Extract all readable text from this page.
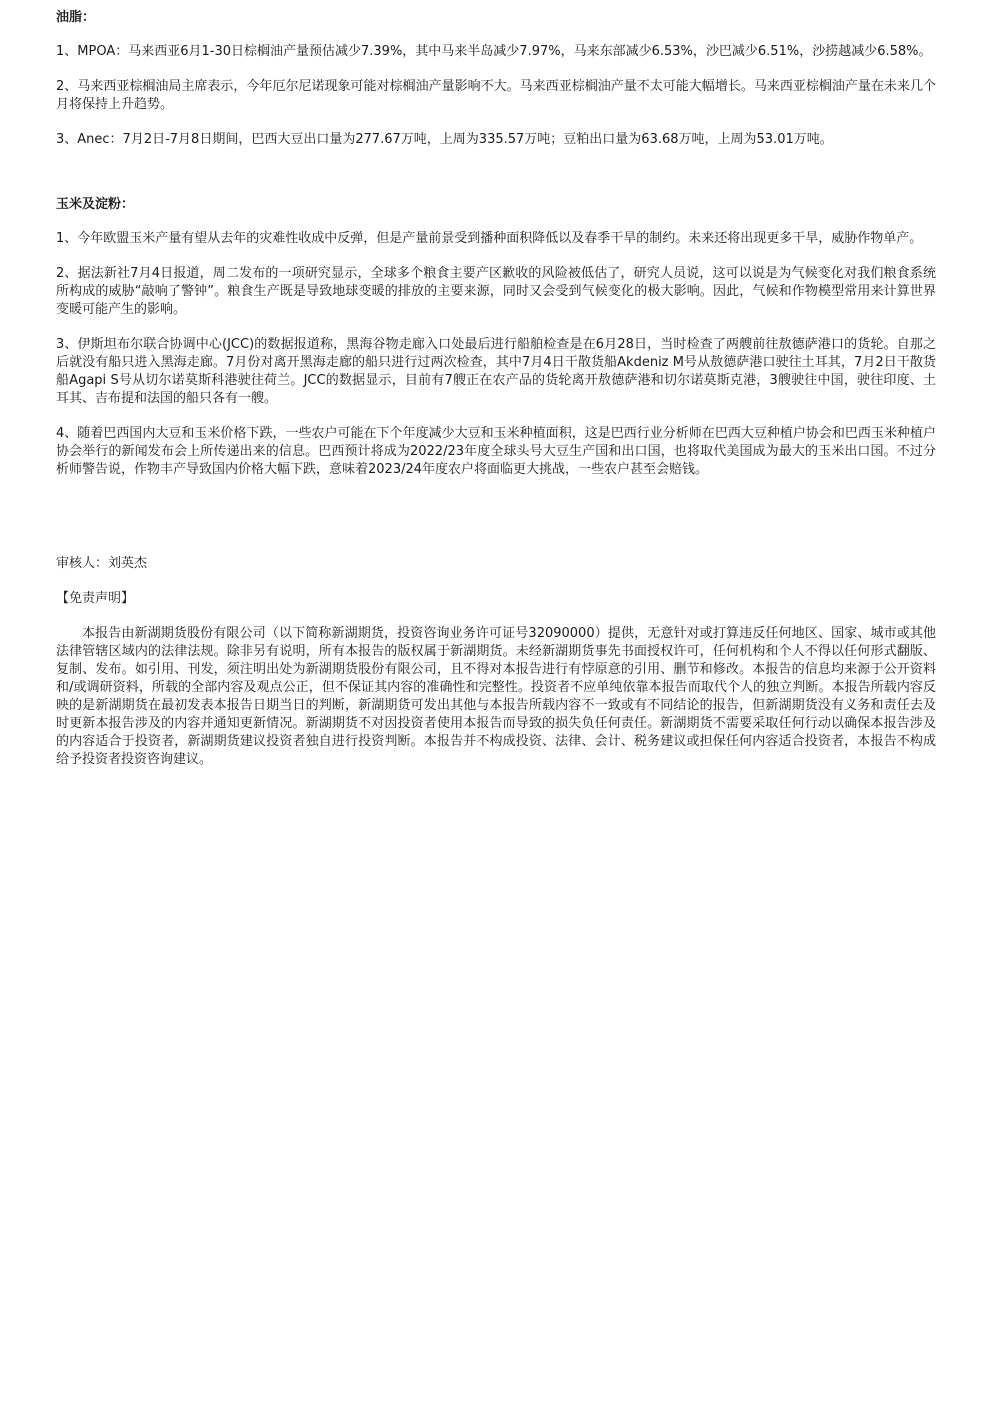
油脂：

1、MPOA：马来西亚6月1-30日棕榈油产量预估减少7.39%，其中马来半岛减少7.97%，马来东部减少6.53%，沙巴减少6.51%，沙捞越减少6.58%。

2、马来西亚棕榈油局主席表示，今年厄尔尼诺现象可能对棕榈油产量影响不大。马来西亚棕榈油产量不太可能大幅增长。马来西亚棕榈油产量在未来几个月将保持上升趋势。

3、Anec：7月2日-7月8日期间，巴西大豆出口量为277.67万吨，上周为335.57万吨；豆粕出口量为63.68万吨，上周为53.01万吨。

玉米及淀粉：

1、今年欧盟玉米产量有望从去年的灾难性收成中反弹，但是产量前景受到播种面积降低以及春季干旱的制约。未来还将出现更多干旱，威胁作物单产。

2、据法新社7月4日报道，周二发布的一项研究显示，全球多个粮食主要产区歉收的风险被低估了，研究人员说，这可以说是为气候变化对我们粮食系统所构成的威胁“敲响了警钟”。粮食生产既是导致地球变暖的排放的主要来源，同时又会受到气候变化的极大影响。因此，气候和作物模型常用来计算世界变暖可能产生的影响。

3、伊斯坦布尔联合协调中心(JCC)的数据报道称，黑海谷物走廊入口处最后进行船舶检查是在6月28日，当时检查了两艘前往敖德萨港口的货轮。自那之后就没有船只进入黑海走廊。7月份对离开黑海走廊的船只进行过两次检查，其中7月4日干散货船Akdeniz M号从敖德萨港口驶往土耳其，7月2日干散货船Agapi S号从切尔诺莫斯科港驶往荷兰。JCC的数据显示，目前有7艘正在农产品的货轮离开敖德萨港和切尔诺莫斯克港，3艘驶往中国，驶往印度、土耳其、吉布提和法国的船只各有一艘。

4、随着巴西国内大豆和玉米价格下跌，一些农户可能在下个年度减少大豆和玉米种植面积，这是巴西行业分析师在巴西大豆种植户协会和巴西玉米种植户协会举行的新闻发布会上所传递出来的信息。巴西预计将成为2022/23年度全球头号大豆生产国和出口国，也将取代美国成为最大的玉米出口国。不过分析师警告说，作物丰产导致国内价格大幅下跌，意味着2023/24年度农户将面临更大挑战，一些农户甚至会赔钱。

审核人：刘英杰

【免责声明】

本报告由新湖期货股份有限公司（以下简称新湖期货，投资咨询业务许可证号32090000）提供，无意针对或打算违反任何地区、国家、城市或其他法律管辖区域内的法律法规。除非另有说明，所有本报告的版权属于新湖期货。未经新湖期货事先书面授权许可，任何机构和个人不得以任何形式翻版、复制、发布。如引用、刊发，须注明出处为新湖期货股份有限公司，且不得对本报告进行有悖原意的引用、删节和修改。本报告的信息均来源于公开资料和/或调研资料，所载的全部内容及观点公正，但不保证其内容的准确性和完整性。投资者不应单纯依靠本报告而取代个人的独立判断。本报告所载内容反映的是新湖期货在最初发表本报告日期当日的判断，新湖期货可发出其他与本报告所载内容不一致或有不同结论的报告，但新湖期货没有义务和责任去及时更新本报告涉及的内容并通知更新情况。新湖期货不对因投资者使用本报告而导致的损失负任何责任。新湖期货不需要采取任何行动以确保本报告涉及的内容适合于投资者，新湖期货建议投资者独自进行投资判断。本报告并不构成投资、法律、会计、税务建议或担保任何内容适合投资者，本报告不构成给予投资者投资咨询建议。
